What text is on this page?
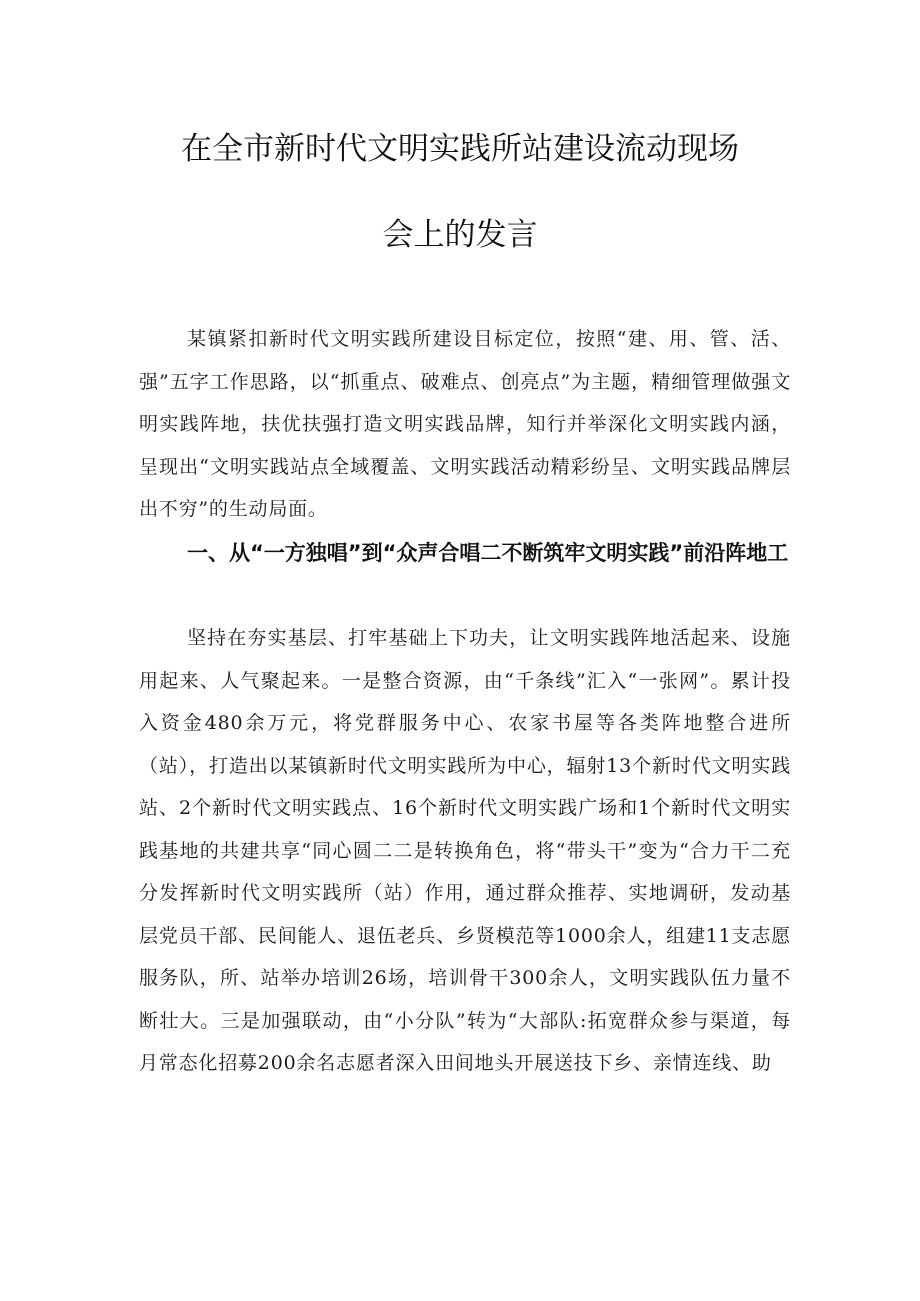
在全市新时代文明实践所站建设流动现场
会上的发言

某镇紧扣新时代文明实践所建设目标定位，按照“建、用、管、活、强”五字工作思路，以“抓重点、破难点、创亮点”为主题，精细管理做强文明实践阵地，扶优扶强打造文明实践品牌，知行并举深化文明实践内涵，呈现出“文明实践站点全域覆盖、文明实践活动精彩纷呈、文明实践品牌层出不穷”的生动局面。

一、从“一方独唱”到“众声合唱二不断筑牢文明实践”前沿阵地工

坚持在夯实基层、打牢基础上下功夫，让文明实践阵地活起来、设施用起来、人气聚起来。一是整合资源，由“千条线”汇入“一张网”。累计投入资金480余万元，将党群服务中心、农家书屋等各类阵地整合进所（站），打造出以某镇新时代文明实践所为中心，辐射13个新时代文明实践站、2个新时代文明实践点、16个新时代文明实践广场和1个新时代文明实践基地的共建共享“同心圆二二是转换角色，将“带头干”变为“合力干二充分发挥新时代文明实践所（站）作用，通过群众推荐、实地调研，发动基层党员干部、民间能人、退伍老兵、乡贤模范等1000余人，组建11支志愿服务队，所、站举办培训26场，培训骨干300余人，文明实践队伍力量不断壮大。三是加强联动，由“小分队”转为“大部队:拓宽群众参与渠道，每月常态化招募200余名志愿者深入田间地头开展送技下乡、亲情连线、助
